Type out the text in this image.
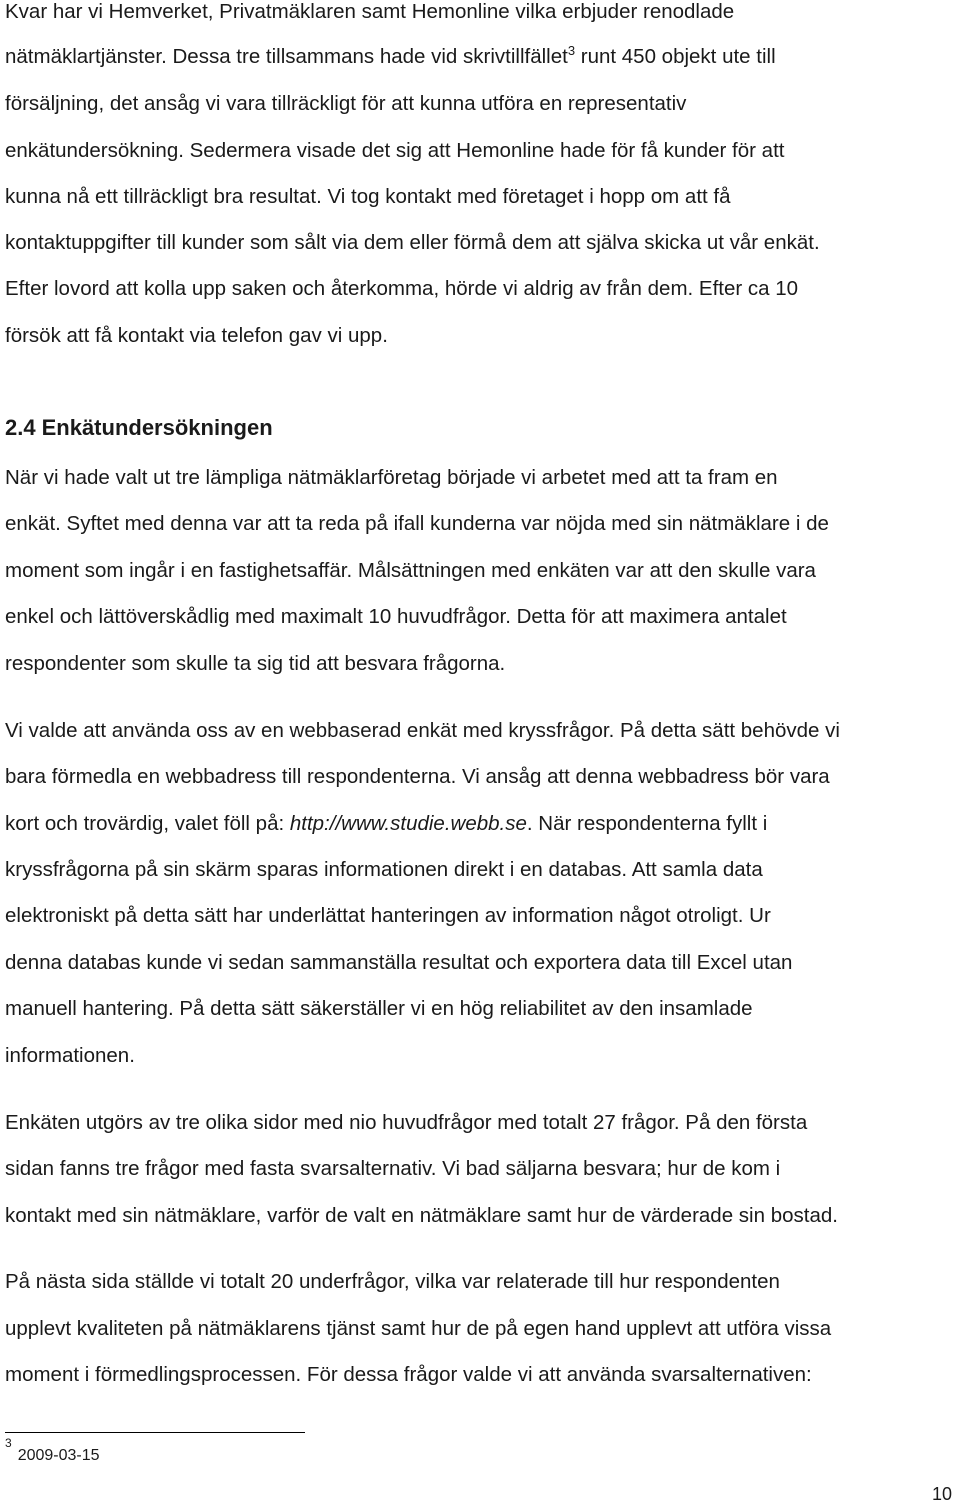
Kvar har vi Hemverket, Privatmäklaren samt Hemonline vilka erbjuder renodlade
nätmäklartjänster. Dessa tre tillsammans hade vid skrivtillfället$^3$ runt 450 objekt ute till
försäljning, det ansåg vi vara tillräckligt för att kunna utföra en representativ
enkätundersökning. Sedermera visade det sig att Hemonline hade för få kunder för att
kunna nå ett tillräckligt bra resultat. Vi tog kontakt med företaget i hopp om att få
kontaktuppgifter till kunder som sålt via dem eller förmå dem att själva skicka ut vår enkät.
Efter lovord att kolla upp saken och återkomma, hörde vi aldrig av från dem. Efter ca 10
försök att få kontakt via telefon gav vi upp.
2.4 Enkätundersökningen
När vi hade valt ut tre lämpliga nätmäklarföretag började vi arbetet med att ta fram en
enkät. Syftet med denna var att ta reda på ifall kunderna var nöjda med sin nätmäklare i de
moment som ingår i en fastighetsaffär. Målsättningen med enkäten var att den skulle vara
enkel och lättöverskådlig med maximalt 10 huvudfrågor. Detta för att maximera antalet
respondenter som skulle ta sig tid att besvara frågorna.
Vi valde att använda oss av en webbaserad enkät med kryssfrågor. På detta sätt behövde vi
bara förmedla en webbadress till respondenterna. Vi ansåg att denna webbadress bör vara
kort och trovärdig, valet föll på: http://www.studie.webb.se. När respondenterna fyllt i
kryssfrågorna på sin skärm sparas informationen direkt i en databas. Att samla data
elektroniskt på detta sätt har underlättat hanteringen av information något otroligt. Ur
denna databas kunde vi sedan sammanställa resultat och exportera data till Excel utan
manuell hantering. På detta sätt säkerställer vi en hög reliabilitet av den insamlade
informationen.
Enkäten utgörs av tre olika sidor med nio huvudfrågor med totalt 27 frågor. På den första
sidan fanns tre frågor med fasta svarsalternativ. Vi bad säljarna besvara; hur de kom i
kontakt med sin nätmäklare, varför de valt en nätmäklare samt hur de värderade sin bostad.
På nästa sida ställde vi totalt 20 underfrågor, vilka var relaterade till hur respondenten
upplevt kvaliteten på nätmäklarens tjänst samt hur de på egen hand upplevt att utföra vissa
moment i förmedlingsprocessen. För dessa frågor valde vi att använda svarsalternativen:
$^3$2009-03-15
10
